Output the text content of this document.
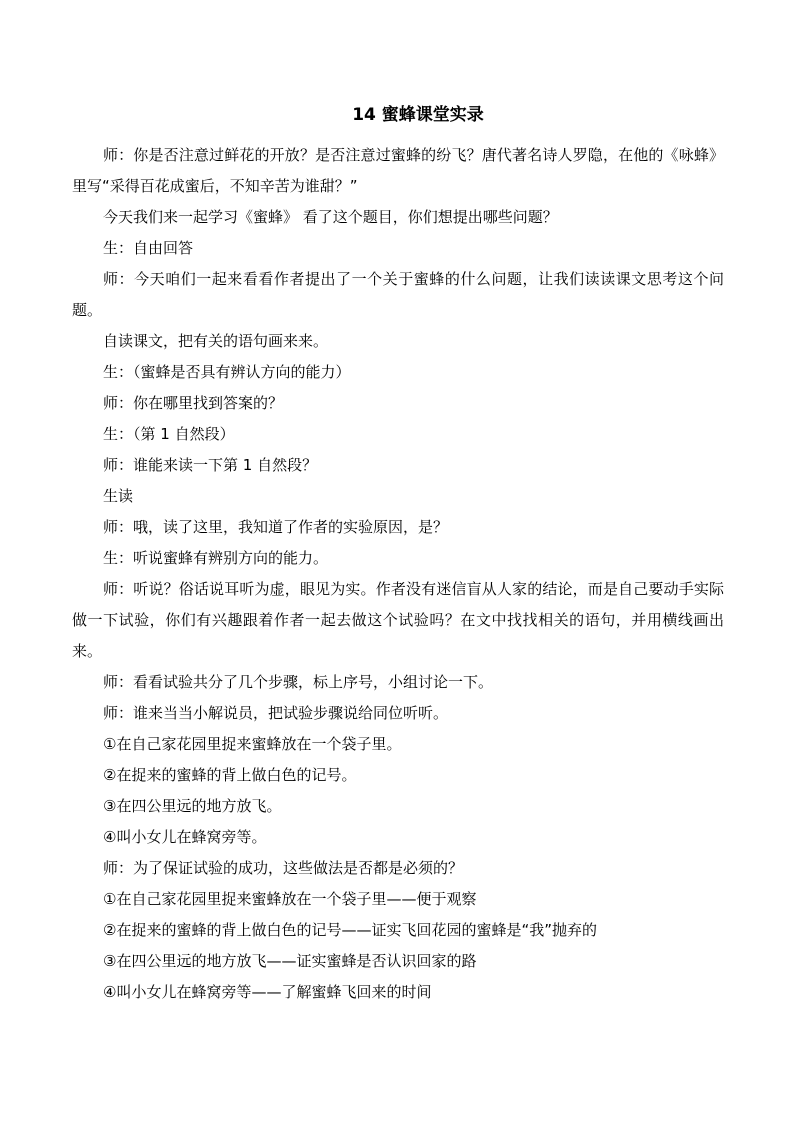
14 蜜蜂课堂实录

师：你是否注意过鲜花的开放？是否注意过蜜蜂的纷飞？唐代著名诗人罗隐，在他的《咏蜂》里写“采得百花成蜜后，不知辛苦为谁甜？”

今天我们来一起学习《蜜蜂》 看了这个题目，你们想提出哪些问题？

生：自由回答

师：今天咱们一起来看看作者提出了一个关于蜜蜂的什么问题，让我们读读课文思考这个问题。

自读课文，把有关的语句画来来。

生：（蜜蜂是否具有辨认方向的能力）

师：你在哪里找到答案的？

生：（第 1 自然段）

师：谁能来读一下第 1 自然段？

生读

师：哦，读了这里，我知道了作者的实验原因，是？

生：听说蜜蜂有辨别方向的能力。

师：听说？俗话说耳听为虚，眼见为实。作者没有迷信盲从人家的结论，而是自己要动手实际做一下试验，你们有兴趣跟着作者一起去做这个试验吗？在文中找找相关的语句，并用横线画出来。

师：看看试验共分了几个步骤，标上序号，小组讨论一下。

师：谁来当当小解说员，把试验步骤说给同位听听。

①在自己家花园里捉来蜜蜂放在一个袋子里。

②在捉来的蜜蜂的背上做白色的记号。

③在四公里远的地方放飞。

④叫小女儿在蜂窝旁等。

师：为了保证试验的成功，这些做法是否都是必须的？

①在自己家花园里捉来蜜蜂放在一个袋子里——便于观察

②在捉来的蜜蜂的背上做白色的记号——证实飞回花园的蜜蜂是“我”抛弃的

③在四公里远的地方放飞——证实蜜蜂是否认识回家的路

④叫小女儿在蜂窝旁等——了解蜜蜂飞回来的时间
